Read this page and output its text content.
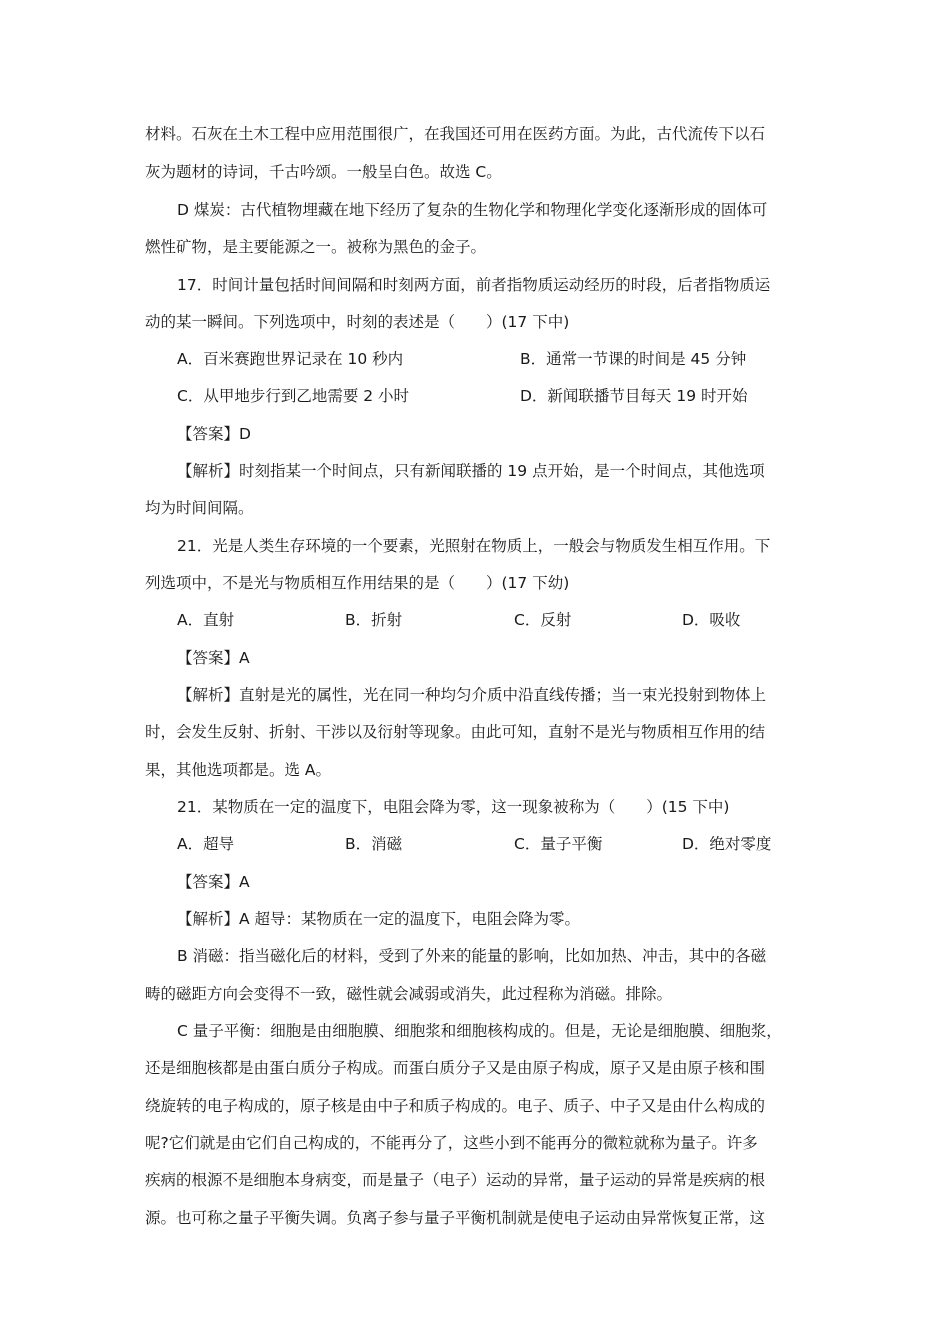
材料。石灰在土木工程中应用范围很广，在我国还可用在医药方面。为此，古代流传下以石
灰为题材的诗词，千古吟颂。一般呈白色。故选 C。
D 煤炭：古代植物埋藏在地下经历了复杂的生物化学和物理化学变化逐渐形成的固体可
燃性矿物，是主要能源之一。被称为黑色的金子。
17．时间计量包括时间间隔和时刻两方面，前者指物质运动经历的时段，后者指物质运
动的某一瞬间。下列选项中，时刻的表述是（　　）(17 下中)
A．百米赛跑世界记录在 10 秒内	B．通常一节课的时间是 45 分钟
C．从甲地步行到乙地需要 2 小时	D．新闻联播节目每天 19 时开始
【答案】D
【解析】时刻指某一个时间点，只有新闻联播的 19 点开始，是一个时间点，其他选项
均为时间间隔。
21．光是人类生存环境的一个要素，光照射在物质上，一般会与物质发生相互作用。下
列选项中，不是光与物质相互作用结果的是（　　）(17 下幼)
A．直射	B．折射	C．反射	D．吸收
【答案】A
【解析】直射是光的属性，光在同一种均匀介质中沿直线传播；当一束光投射到物体上
时，会发生反射、折射、干涉以及衍射等现象。由此可知，直射不是光与物质相互作用的结
果，其他选项都是。选 A。
21．某物质在一定的温度下，电阻会降为零，这一现象被称为（　　）(15 下中)
A．超导	B．消磁	C．量子平衡	D．绝对零度
【答案】A
【解析】A 超导：某物质在一定的温度下，电阻会降为零。
B 消磁：指当磁化后的材料，受到了外来的能量的影响，比如加热、冲击，其中的各磁
畴的磁距方向会变得不一致，磁性就会减弱或消失，此过程称为消磁。排除。
C 量子平衡：细胞是由细胞膜、细胞浆和细胞核构成的。但是，无论是细胞膜、细胞浆，
还是细胞核都是由蛋白质分子构成。而蛋白质分子又是由原子构成，原子又是由原子核和围
绕旋转的电子构成的，原子核是由中子和质子构成的。电子、质子、中子又是由什么构成的
呢?它们就是由它们自己构成的，不能再分了，这些小到不能再分的微粒就称为量子。许多
疾病的根源不是细胞本身病变，而是量子（电子）运动的异常，量子运动的异常是疾病的根
源。也可称之量子平衡失调。负离子参与量子平衡机制就是使电子运动由异常恢复正常，这
